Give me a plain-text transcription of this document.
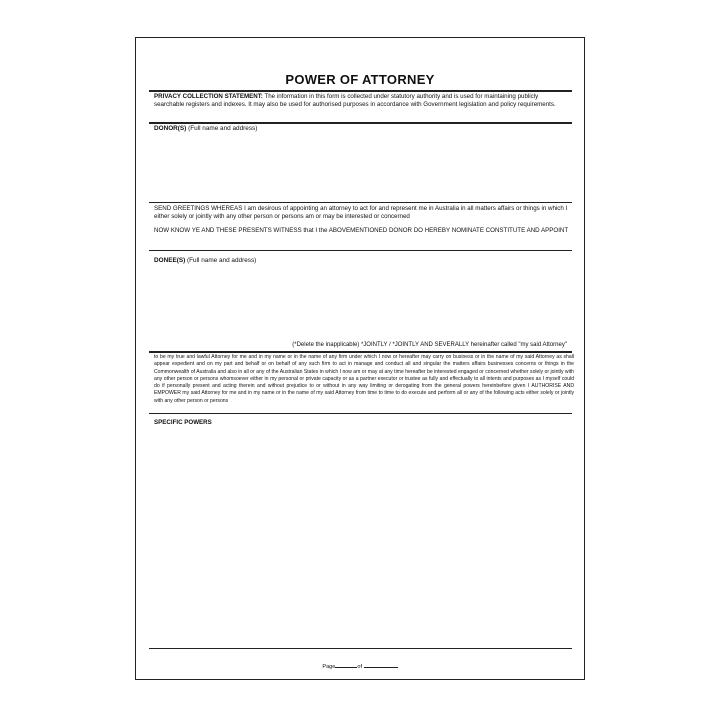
POWER OF ATTORNEY
PRIVACY COLLECTION STATEMENT: The information in this form is collected under statutory authority and is used for maintaining publicly searchable registers and indexes. It may also be used for authorised purposes in accordance with Government legislation and policy requirements.
DONOR(S) (Full name and address)
SEND GREETINGS WHEREAS I am desirous of appointing an attorney to act for and represent me in Australia in all matters affairs or things in which I either solely or jointly with any other person or persons am or may be interested or concerned
NOW KNOW YE AND THESE PRESENTS WITNESS that I the ABOVEMENTIONED DONOR DO HEREBY NOMINATE CONSTITUTE AND APPOINT
DONEE(S) (Full name and address)
(*Delete the inapplicable) *JOINTLY / *JOINTLY AND SEVERALLY hereinafter called "my said Attorney"
to be my true and lawful Attorney for me and in my name or in the name of any firm under which I now or hereafter may carry on business or in the name of my said Attorney as shall appear expedient and on my part and behalf or on behalf of any such firm to act in manage and conduct all and singular the matters affairs businesses concerns or things in the Commonwealth of Australia and also in all or any of the Australian States in which I now am or may at any time hereafter be interested engaged or concerned whether solely or jointly with any other person or persons whomsoever either in my personal or private capacity or as a partner executor or trustee as fully and effectually to all intents and purposes as I myself could do if personally present and acting therein and without prejudice to or without in any way limiting or derogating from the general powers hereinbefore given I AUTHORISE AND EMPOWER my said Attorney for me and in my name or in the name of my said Attorney from time to time to do execute and perform all or any of the following acts either solely or jointly with any other person or persons
SPECIFIC POWERS
Page	of
